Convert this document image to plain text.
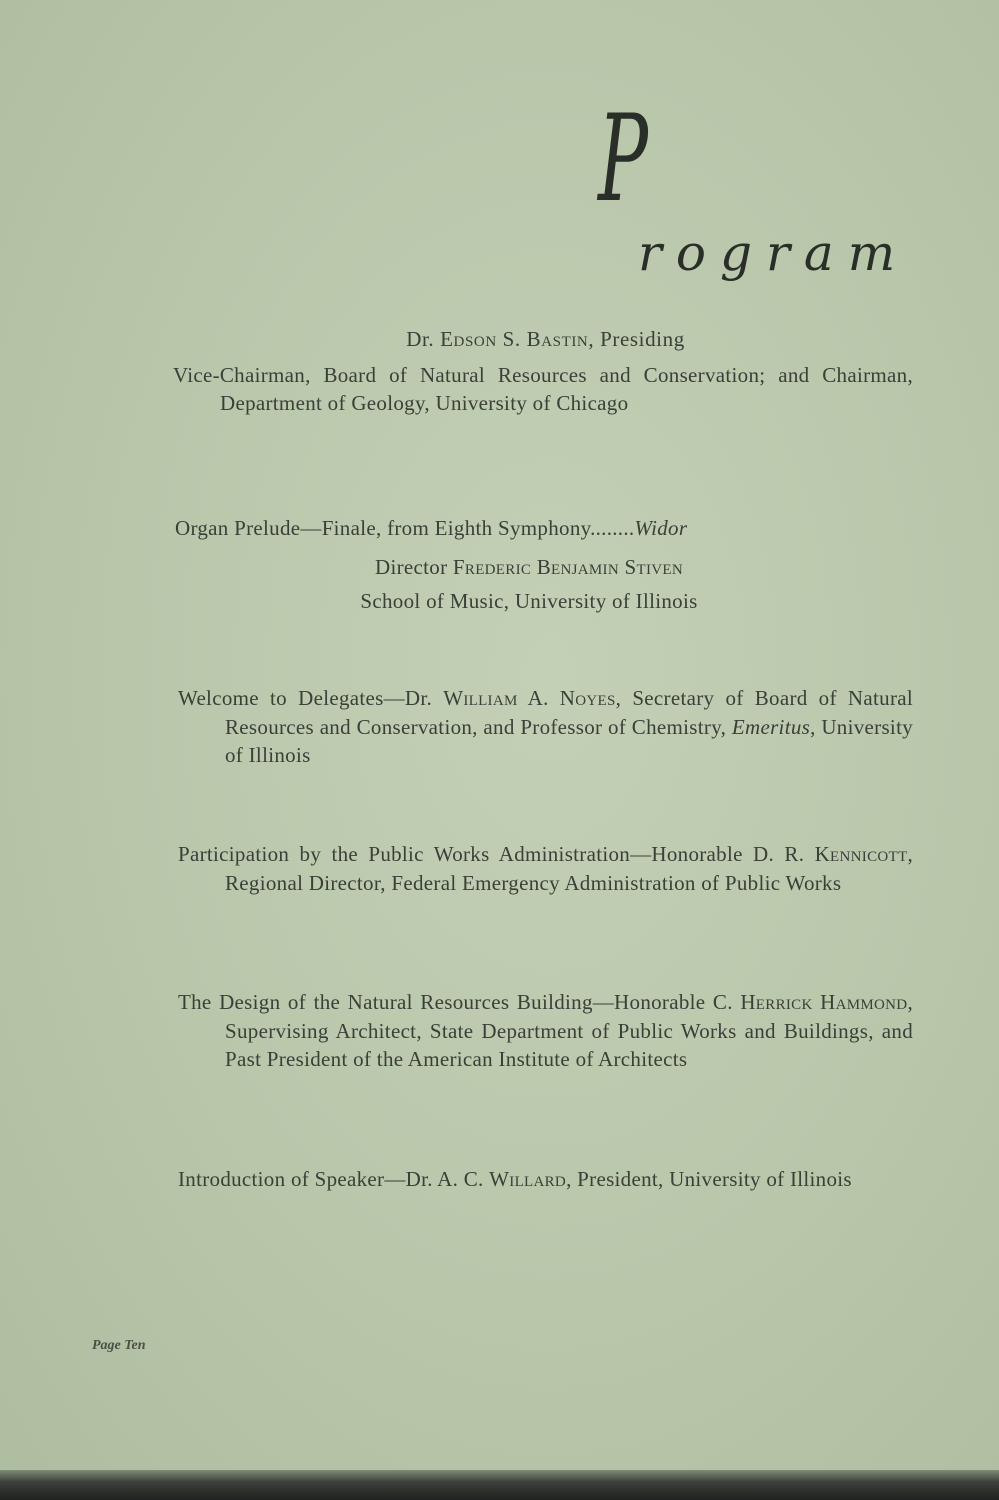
P
rogram
Dr. Edson S. Bastin, Presiding
Vice-Chairman, Board of Natural Resources and Conservation; and Chairman, Department of Geology, University of Chicago
Organ Prelude—Finale, from Eighth Symphony........Widor
Director Frederic Benjamin Stiven
School of Music, University of Illinois
Welcome to Delegates—Dr. William A. Noyes, Secretary of Board of Natural Resources and Conservation, and Professor of Chemistry, Emeritus, University of Illinois
Participation by the Public Works Administration—Honorable D. R. Kennicott, Regional Director, Federal Emergency Administration of Public Works
The Design of the Natural Resources Building—Honorable C. Herrick Hammond, Supervising Architect, State Department of Public Works and Buildings, and Past President of the American Institute of Architects
Introduction of Speaker—Dr. A. C. Willard, President, University of Illinois
Page Ten
